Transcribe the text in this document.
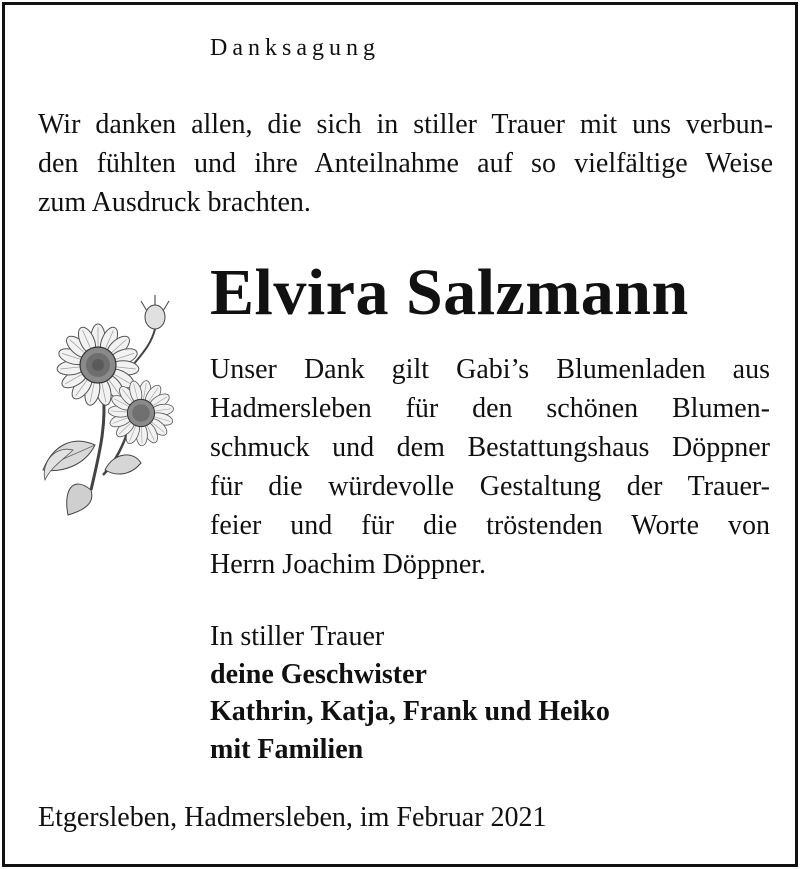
Danksagung
Wir danken allen, die sich in stiller Trauer mit uns verbun-
den fühlten und ihre Anteilnahme auf so vielfältige Weise
zum Ausdruck brachten.
Elvira Salzmann
Unser Dank gilt Gabi’s Blumenladen aus
Hadmersleben für den schönen Blumen-
schmuck und dem Bestattungshaus Döppner
für die würdevolle Gestaltung der Trauer-
feier und für die tröstenden Worte von
Herrn Joachim Döppner.
In stiller Trauer
deine Geschwister
Kathrin, Katja, Frank und Heiko
mit Familien
Etgersleben, Hadmersleben, im Februar 2021
